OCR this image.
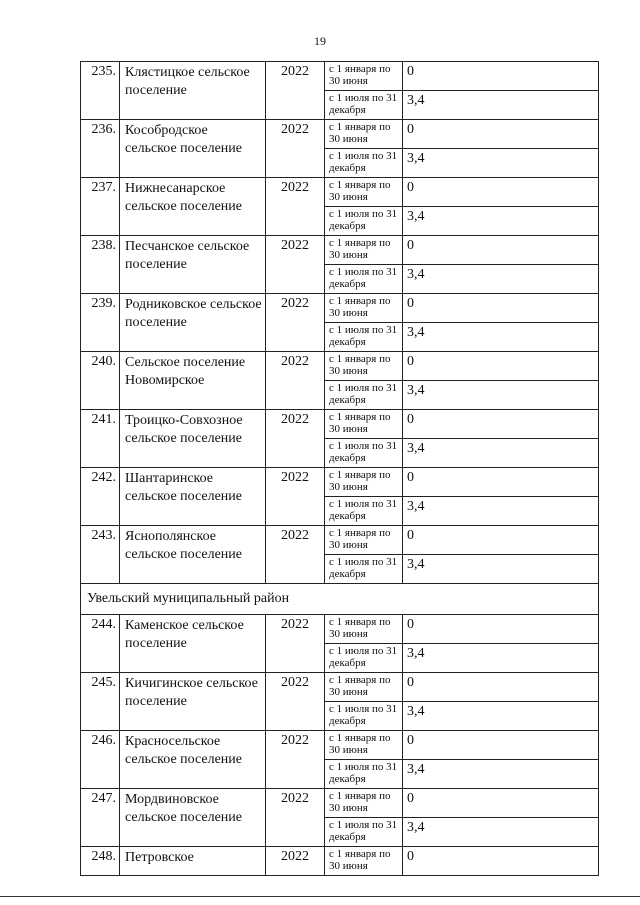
19
235.	Клястицкое сельское поселение	2022	с 1 января по 30 июня	0
			с 1 июля по 31 декабря	3,4
236.	Кособродское сельское поселение	2022	с 1 января по 30 июня	0
			с 1 июля по 31 декабря	3,4
237.	Нижнесанарское сельское поселение	2022	с 1 января по 30 июня	0
			с 1 июля по 31 декабря	3,4
238.	Песчанское сельское поселение	2022	с 1 января по 30 июня	0
			с 1 июля по 31 декабря	3,4
239.	Родниковское сельское поселение	2022	с 1 января по 30 июня	0
			с 1 июля по 31 декабря	3,4
240.	Сельское поселение Новомирское	2022	с 1 января по 30 июня	0
			с 1 июля по 31 декабря	3,4
241.	Троицко-Совхозное сельское поселение	2022	с 1 января по 30 июня	0
			с 1 июля по 31 декабря	3,4
242.	Шантаринское сельское поселение	2022	с 1 января по 30 июня	0
			с 1 июля по 31 декабря	3,4
243.	Яснополянское сельское поселение	2022	с 1 января по 30 июня	0
			с 1 июля по 31 декабря	3,4
Увельский муниципальный район				
244.	Каменское сельское поселение	2022	с 1 января по 30 июня	0
			с 1 июля по 31 декабря	3,4
245.	Кичигинское сельское поселение	2022	с 1 января по 30 июня	0
			с 1 июля по 31 декабря	3,4
246.	Красносельское сельское поселение	2022	с 1 января по 30 июня	0
			с 1 июля по 31 декабря	3,4
247.	Мордвиновское сельское поселение	2022	с 1 января по 30 июня	0
			с 1 июля по 31 декабря	3,4
248.	Петровское	2022	с 1 января по 30 июня	0
